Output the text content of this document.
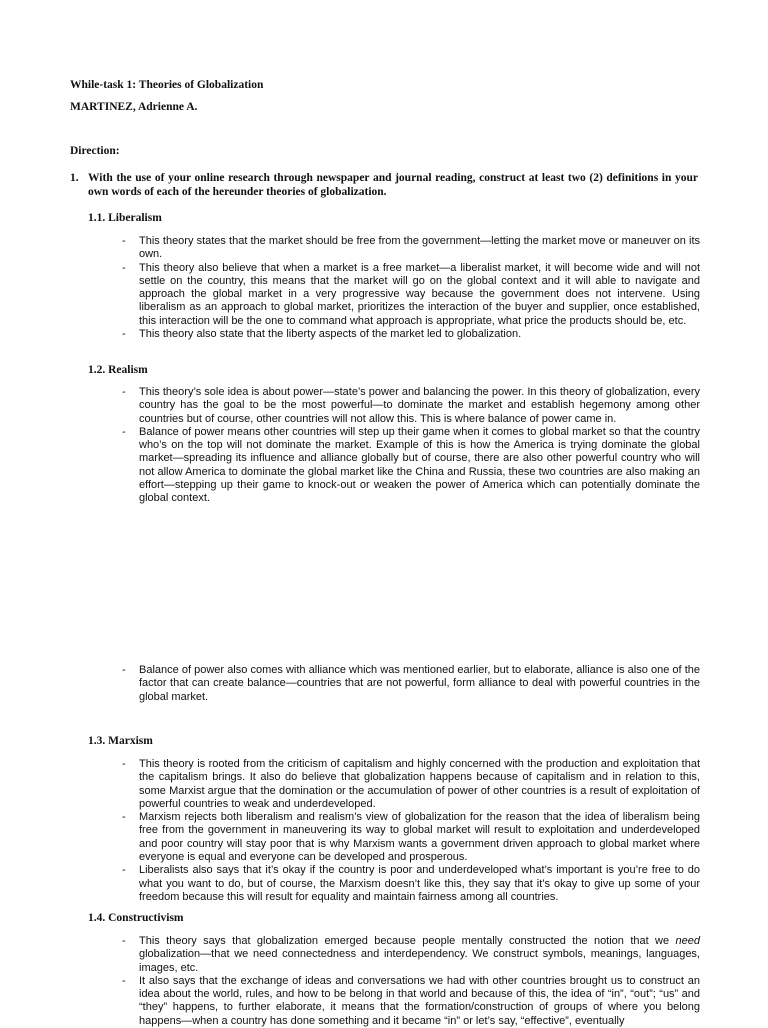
While-task 1: Theories of Globalization
MARTINEZ, Adrienne A.
Direction:
1. With the use of your online research through newspaper and journal reading, construct at least two (2) definitions in your own words of each of the hereunder theories of globalization.
1.1. Liberalism
- This theory states that the market should be free from the government—letting the market move or maneuver on its own.
- This theory also believe that when a market is a free market—a liberalist market, it will become wide and will not settle on the country, this means that the market will go on the global context and it will able to navigate and approach the global market in a very progressive way because the government does not intervene. Using liberalism as an approach to global market, prioritizes the interaction of the buyer and supplier, once established, this interaction will be the one to command what approach is appropriate, what price the products should be, etc.
- This theory also state that the liberty aspects of the market led to globalization.
1.2. Realism
- This theory’s sole idea is about power—state’s power and balancing the power. In this theory of globalization, every country has the goal to be the most powerful—to dominate the market and establish hegemony among other countries but of course, other countries will not allow this. This is where balance of power came in.
- Balance of power means other countries will step up their game when it comes to global market so that the country who’s on the top will not dominate the market. Example of this is how the America is trying dominate the global market—spreading its influence and alliance globally but of course, there are also other powerful country who will not allow America to dominate the global market like the China and Russia, these two countries are also making an effort—stepping up their game to knock-out or weaken the power of America which can potentially dominate the global context.
- Balance of power also comes with alliance which was mentioned earlier, but to elaborate, alliance is also one of the factor that can create balance—countries that are not powerful, form alliance to deal with powerful countries in the global market.
1.3. Marxism
- This theory is rooted from the criticism of capitalism and highly concerned with the production and exploitation that the capitalism brings. It also do believe that globalization happens because of capitalism and in relation to this, some Marxist argue that the domination or the accumulation of power of other countries is a result of exploitation of powerful countries to weak and underdeveloped.
- Marxism rejects both liberalism and realism’s view of globalization for the reason that the idea of liberalism being free from the government in maneuvering its way to global market will result to exploitation and underdeveloped and poor country will stay poor that is why Marxism wants a government driven approach to global market where everyone is equal and everyone can be developed and prosperous.
- Liberalists also says that it’s okay if the country is poor and underdeveloped what’s important is you’re free to do what you want to do, but of course, the Marxism doesn’t like this, they say that it’s okay to give up some of your freedom because this will result for equality and maintain fairness among all countries.
1.4. Constructivism
- This theory says that globalization emerged because people mentally constructed the notion that we need globalization—that we need connectedness and interdependency. We construct symbols, meanings, languages, images, etc.
- It also says that the exchange of ideas and conversations we had with other countries brought us to construct an idea about the world, rules, and how to be belong in that world and because of this, the idea of “in”, “out”; “us” and “they” happens, to further elaborate, it means that the formation/construction of groups of where you belong happens—when a country has done something and it became “in” or let’s say, “effective”, eventually
